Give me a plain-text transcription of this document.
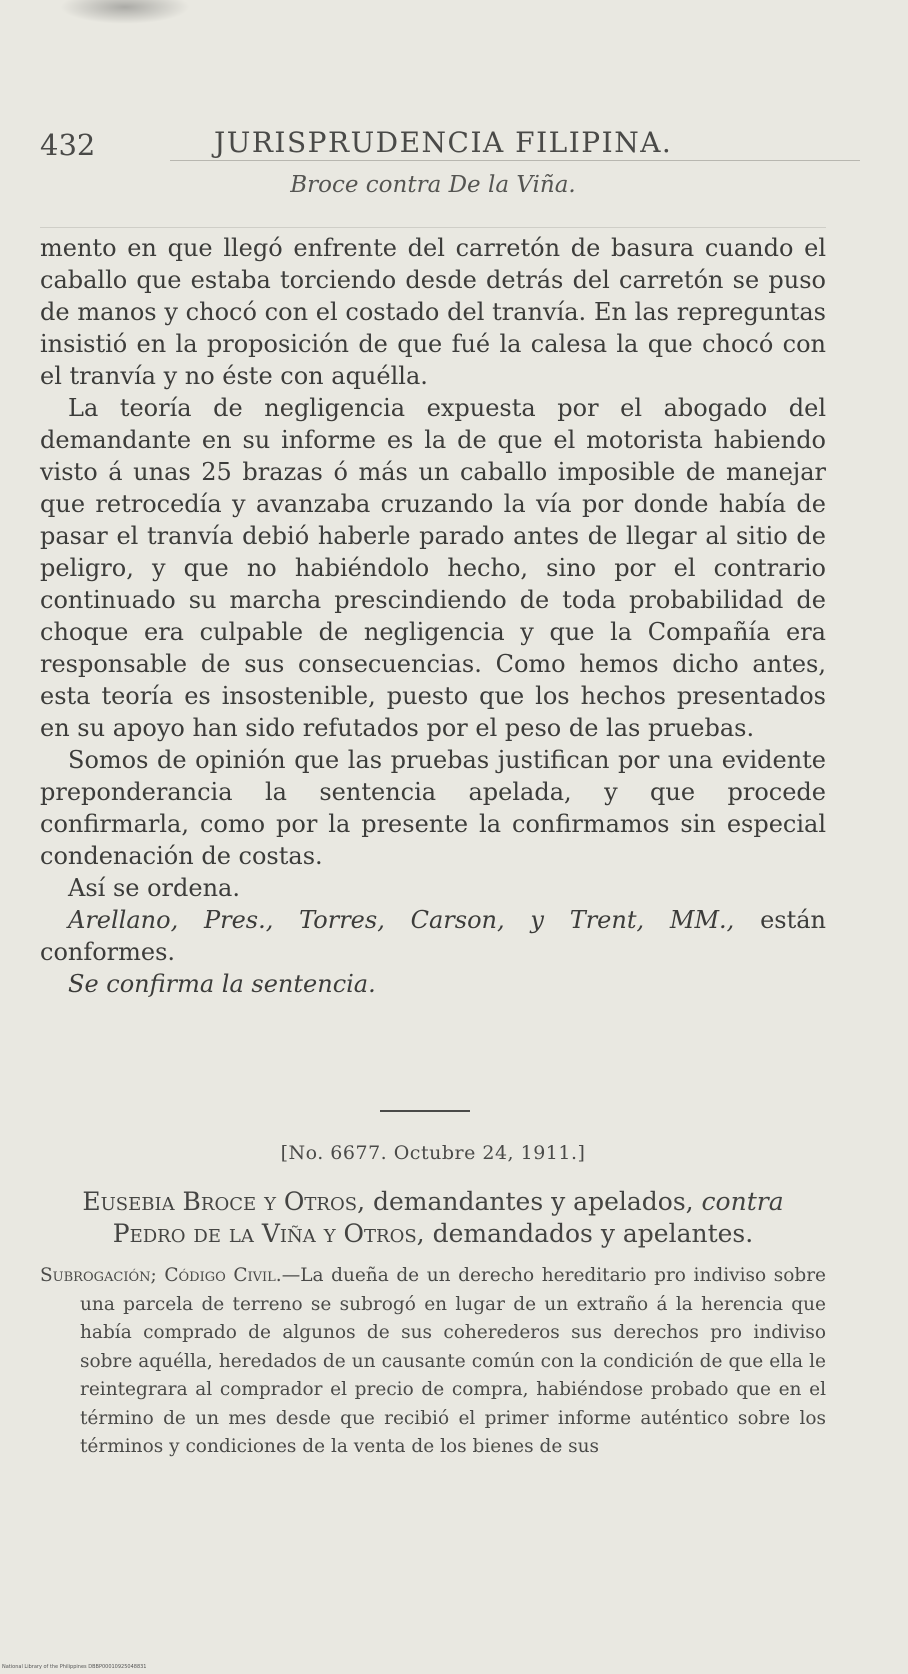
432	JURISPRUDENCIA FILIPINA.
Broce contra De la Viña.

mento en que llegó enfrente del carretón de basura cuando el caballo que estaba torciendo desde detrás del carretón se puso de manos y chocó con el costado del tranvía. En las repreguntas insistió en la proposición de que fué la calesa la que chocó con el tranvía y no éste con aquélla.

La teoría de negligencia expuesta por el abogado del demandante en su informe es la de que el motorista habiendo visto á unas 25 brazas ó más un caballo imposible de manejar que retrocedía y avanzaba cruzando la vía por donde había de pasar el tranvía debió haberle parado antes de llegar al sitio de peligro, y que no habiéndolo hecho, sino por el contrario continuado su marcha prescindiendo de toda probabilidad de choque era culpable de negligencia y que la Compañía era responsable de sus consecuencias. Como hemos dicho antes, esta teoría es insostenible, puesto que los hechos presentados en su apoyo han sido refutados por el peso de las pruebas.

Somos de opinión que las pruebas justifican por una evidente preponderancia la sentencia apelada, y que procede confirmarla, como por la presente la confirmamos sin especial condenación de costas.

Así se ordena.

Arellano, Pres., Torres, Carson, y Trent, MM., están conformes.

Se confirma la sentencia.

[No. 6677. Octubre 24, 1911.]
Eusebia Broce y Otros, demandantes y apelados, contra
Pedro de la Viña y Otros, demandados y apelantes.
Subrogación; Código Civil.—La dueña de un derecho hereditario pro indiviso sobre una parcela de terreno se subrogó en lugar de un extraño á la herencia que había comprado de algunos de sus coherederos sus derechos pro indiviso sobre aquélla, heredados de un causante común con la condición de que ella le reintegrara al comprador el precio de compra, habiéndose probado que en el término de un mes desde que recibió el primer informe auténtico sobre los términos y condiciones de la venta de los bienes de sus
National Library of the Philippines DBBP00010925048831
